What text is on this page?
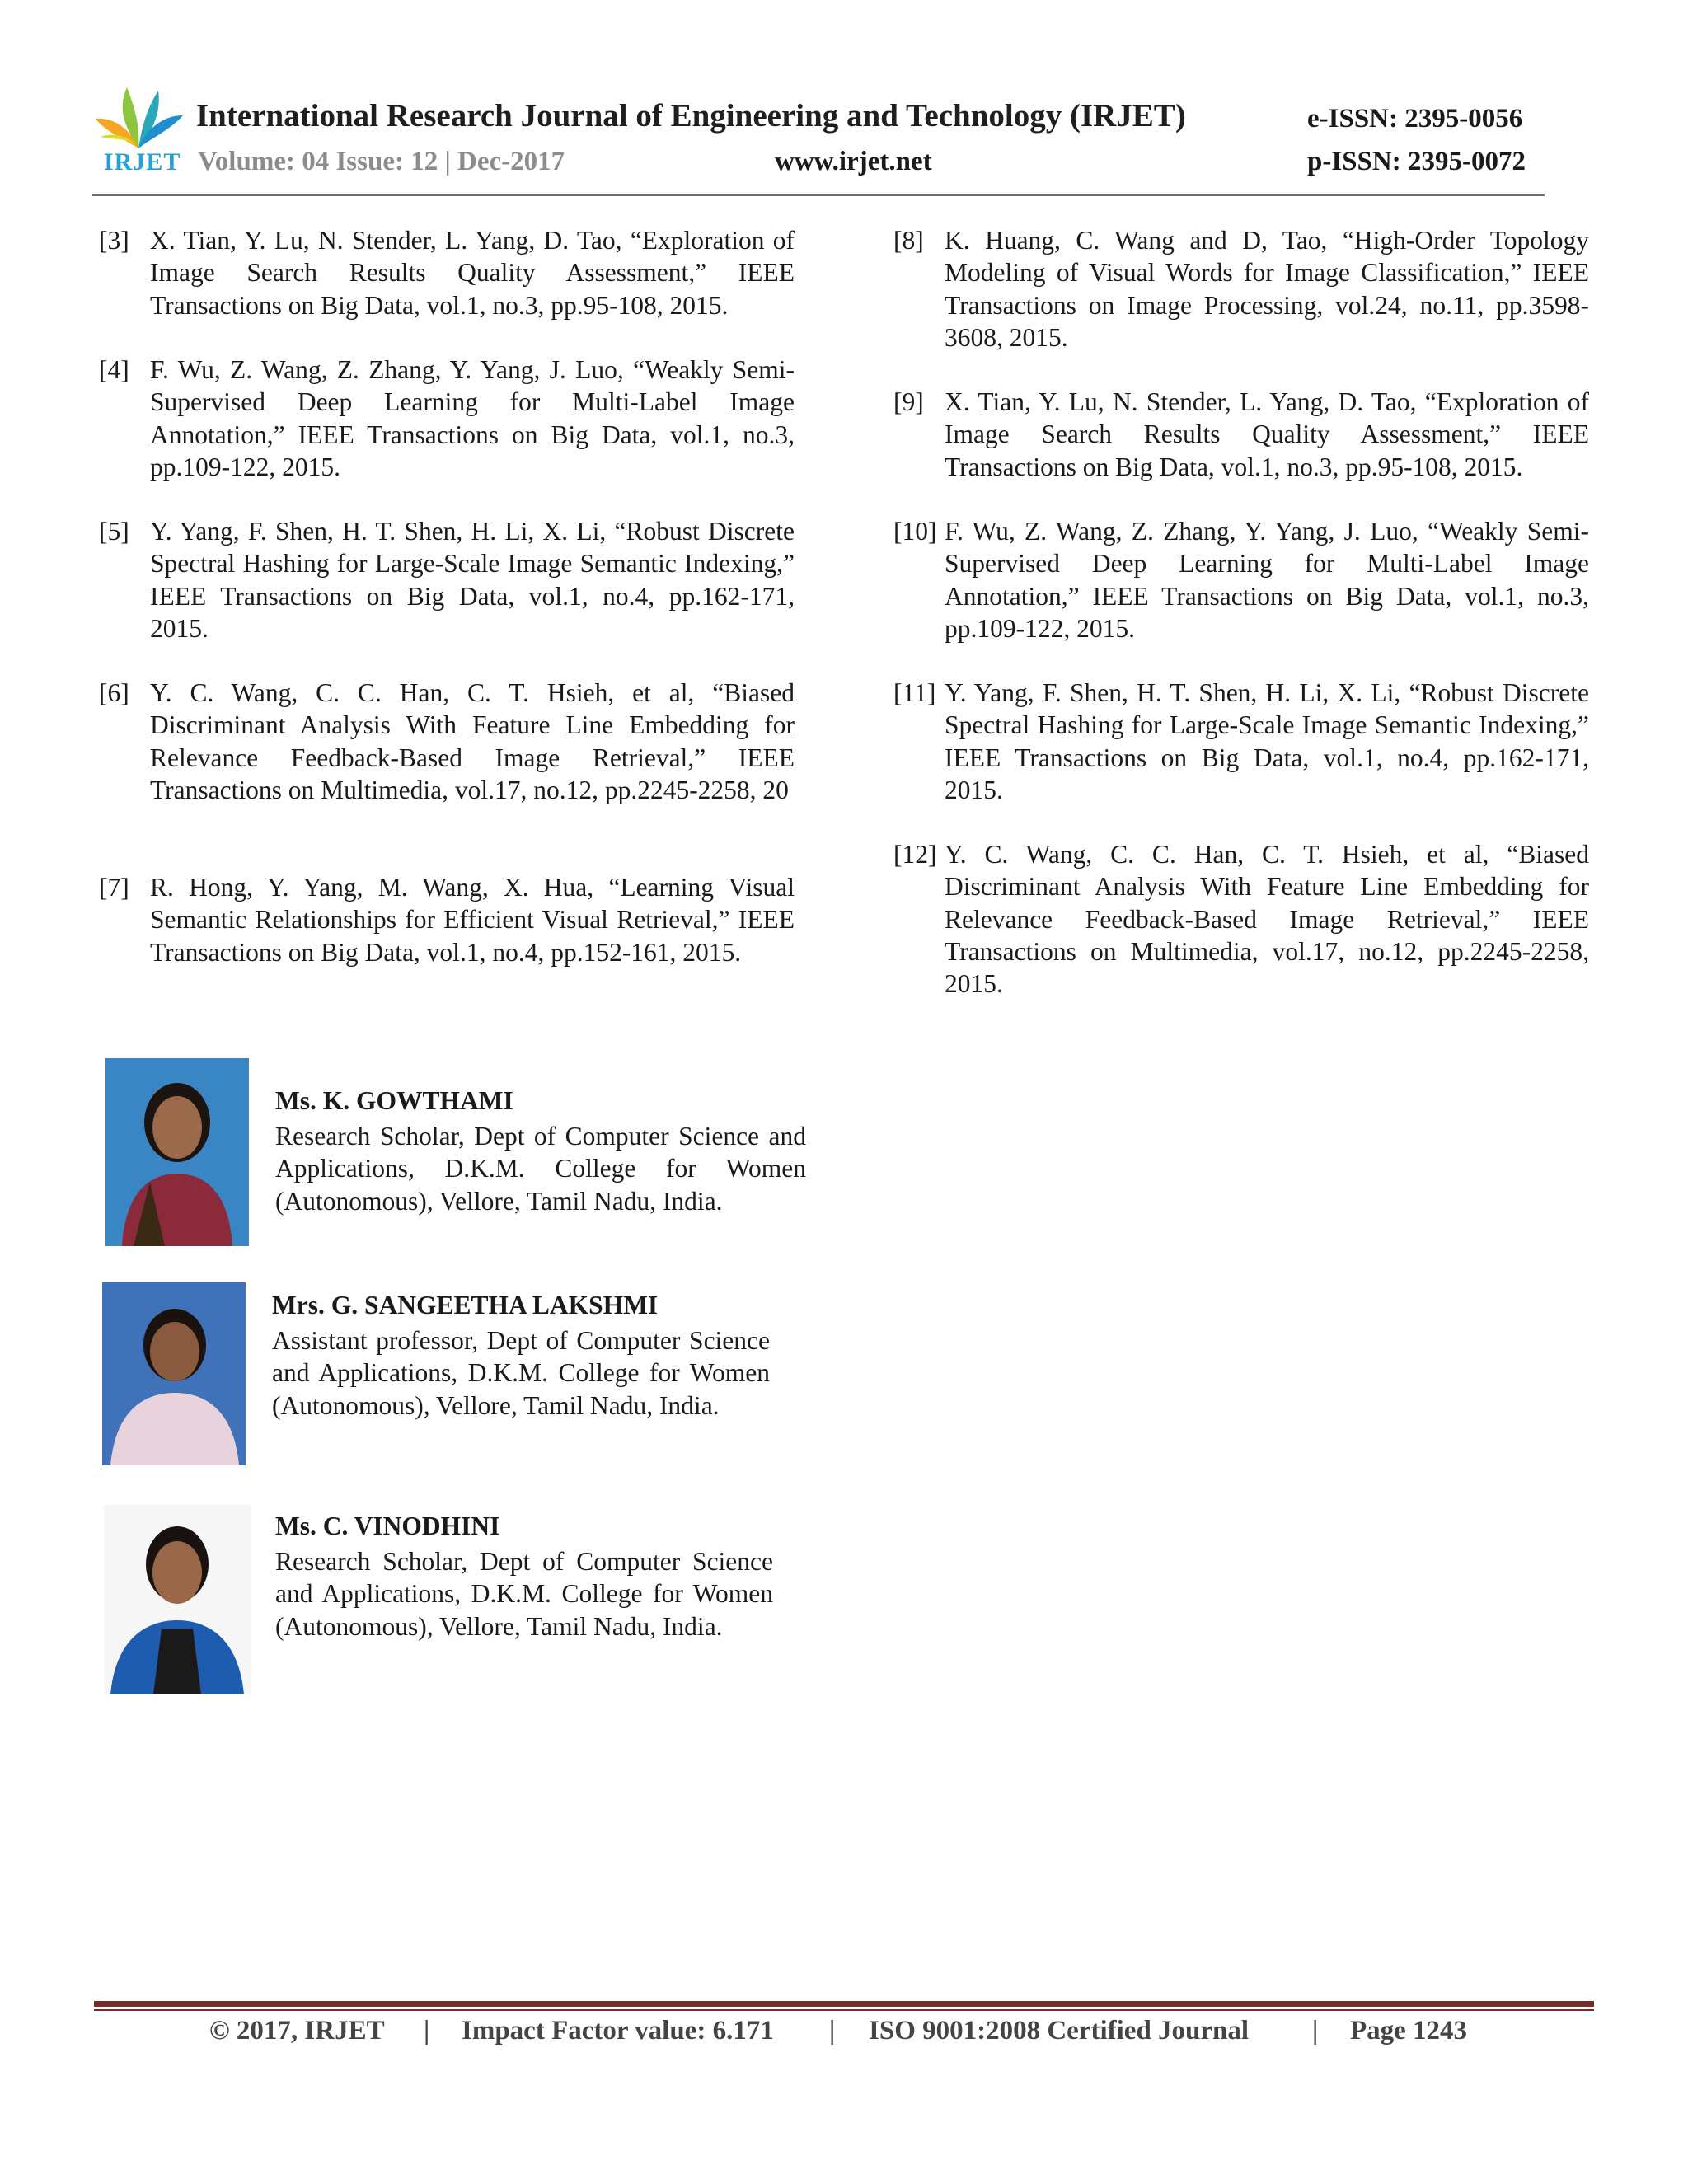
IRJET
International Research Journal of Engineering and Technology (IRJET)	e-ISSN: 2395-0056
Volume: 04 Issue: 12 | Dec-2017	www.irjet.net	p-ISSN: 2395-0072
[3] X. Tian, Y. Lu, N. Stender, L. Yang, D. Tao, “Exploration of Image Search Results Quality Assessment,” IEEE Transactions on Big Data, vol.1, no.3, pp.95-108, 2015.
[4] F. Wu, Z. Wang, Z. Zhang, Y. Yang, J. Luo, “Weakly Semi-Supervised Deep Learning for Multi-Label Image Annotation,” IEEE Transactions on Big Data, vol.1, no.3, pp.109-122, 2015.
[5] Y. Yang, F. Shen, H. T. Shen, H. Li, X. Li, “Robust Discrete Spectral Hashing for Large-Scale Image Semantic Indexing,” IEEE Transactions on Big Data, vol.1, no.4, pp.162-171, 2015.
[6] Y. C. Wang, C. C. Han, C. T. Hsieh, et al, “Biased Discriminant Analysis With Feature Line Embedding for Relevance Feedback-Based Image Retrieval,” IEEE Transactions on Multimedia, vol.17, no.12, pp.2245-2258, 20
[7] R. Hong, Y. Yang, M. Wang, X. Hua, “Learning Visual Semantic Relationships for Efficient Visual Retrieval,” IEEE Transactions on Big Data, vol.1, no.4, pp.152-161, 2015.
[8] K. Huang, C. Wang and D, Tao, “High-Order Topology Modeling of Visual Words for Image Classification,” IEEE Transactions on Image Processing, vol.24, no.11, pp.3598-3608, 2015.
[9] X. Tian, Y. Lu, N. Stender, L. Yang, D. Tao, “Exploration of Image Search Results Quality Assessment,” IEEE Transactions on Big Data, vol.1, no.3, pp.95-108, 2015.
[10] F. Wu, Z. Wang, Z. Zhang, Y. Yang, J. Luo, “Weakly Semi-Supervised Deep Learning for Multi-Label Image Annotation,” IEEE Transactions on Big Data, vol.1, no.3, pp.109-122, 2015.
[11] Y. Yang, F. Shen, H. T. Shen, H. Li, X. Li, “Robust Discrete Spectral Hashing for Large-Scale Image Semantic Indexing,” IEEE Transactions on Big Data, vol.1, no.4, pp.162-171, 2015.
[12] Y. C. Wang, C. C. Han, C. T. Hsieh, et al, “Biased Discriminant Analysis With Feature Line Embedding for Relevance Feedback-Based Image Retrieval,” IEEE Transactions on Multimedia, vol.17, no.12, pp.2245-2258, 2015.
Ms. K. GOWTHAMI
Research Scholar, Dept of Computer Science and Applications, D.K.M. College for Women (Autonomous), Vellore, Tamil Nadu, India.
Mrs. G. SANGEETHA LAKSHMI
Assistant professor, Dept of Computer Science and Applications, D.K.M. College for Women (Autonomous), Vellore, Tamil Nadu, India.
Ms. C. VINODHINI
Research Scholar, Dept of Computer Science and Applications, D.K.M. College for Women (Autonomous), Vellore, Tamil Nadu, India.
© 2017, IRJET | Impact Factor value: 6.171 | ISO 9001:2008 Certified Journal | Page 1243
